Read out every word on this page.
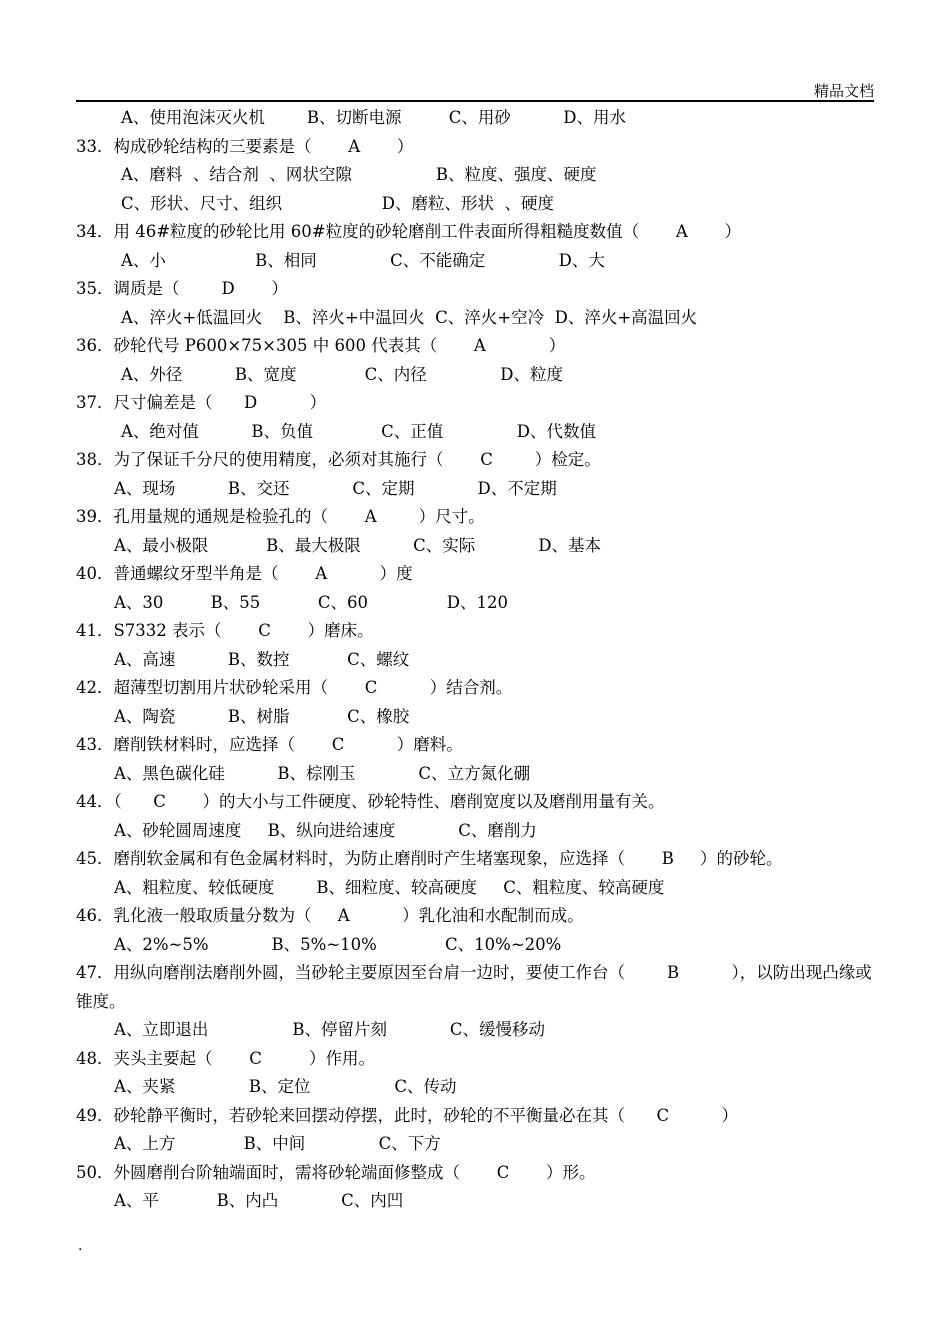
精品文档
A、使用泡沫灭火机        B、切断电源         C、用砂          D、用水
33．构成砂轮结构的三要素是（       A       ）
A、磨料  、结合剂  、网状空隙                B、粒度、强度、硬度
C、形状、尺寸、组织                   D、磨粒、形状  、硬度
34．用 46#粒度的砂轮比用 60#粒度的砂轮磨削工件表面所得粗糙度数值（       A       ）
A、小                 B、相同              C、不能确定              D、大
35．调质是（        D       ）
A、淬火+低温回火    B、淬火+中温回火  C、淬火+空冷  D、淬火+高温回火
36．砂轮代号 P600×75×305 中 600 代表其（       A            ）
A、外径          B、宽度             C、内径              D、粒度
37．尺寸偏差是（      D          ）
A、绝对值          B、负值             C、正值              D、代数值
38．为了保证千分尺的使用精度，必须对其施行（       C        ）检定。
A、现场          B、交还            C、定期            D、不定期
39．孔用量规的通规是检验孔的（       A        ）尺寸。
A、最小极限           B、最大极限          C、实际            D、基本
40．普通螺纹牙型半角是（       A          ）度
A、30         B、55           C、60               D、120
41．S7332 表示（       C       ）磨床。
A、高速          B、数控           C、螺纹
42．超薄型切割用片状砂轮采用（       C          ）结合剂。
A、陶瓷          B、树脂           C、橡胶
43．磨削铁材料时，应选择（       C          ）磨料。
A、黑色碳化硅          B、棕刚玉            C、立方氮化硼
44．（      C       ）的大小与工件硬度、砂轮特性、磨削宽度以及磨削用量有关。
A、砂轮圆周速度     B、纵向进给速度            C、磨削力
45．磨削软金属和有色金属材料时，为防止磨削时产生堵塞现象，应选择（       B     ）的砂轮。
A、粗粒度、较低硬度        B、细粒度、较高硬度     C、粗粒度、较高硬度
46．乳化液一般取质量分数为（     A          ）乳化油和水配制而成。
A、2%~5%            B、5%~10%             C、10%~20%
47．用纵向磨削法磨削外圆，当砂轮主要原因至台肩一边时，要使工作台（        B          ），以防出现凸缘或锥度。
A、立即退出                B、停留片刻            C、缓慢移动
48．夹头主要起（       C         ）作用。
A、夹紧              B、定位                C、传动
49．砂轮静平衡时，若砂轮来回摆动停摆，此时，砂轮的不平衡量必在其（      C          ）
A、上方             B、中间              C、下方
50．外圆磨削台阶轴端面时，需将砂轮端面修整成（       C       ）形。
A、平           B、内凸            C、内凹
.
